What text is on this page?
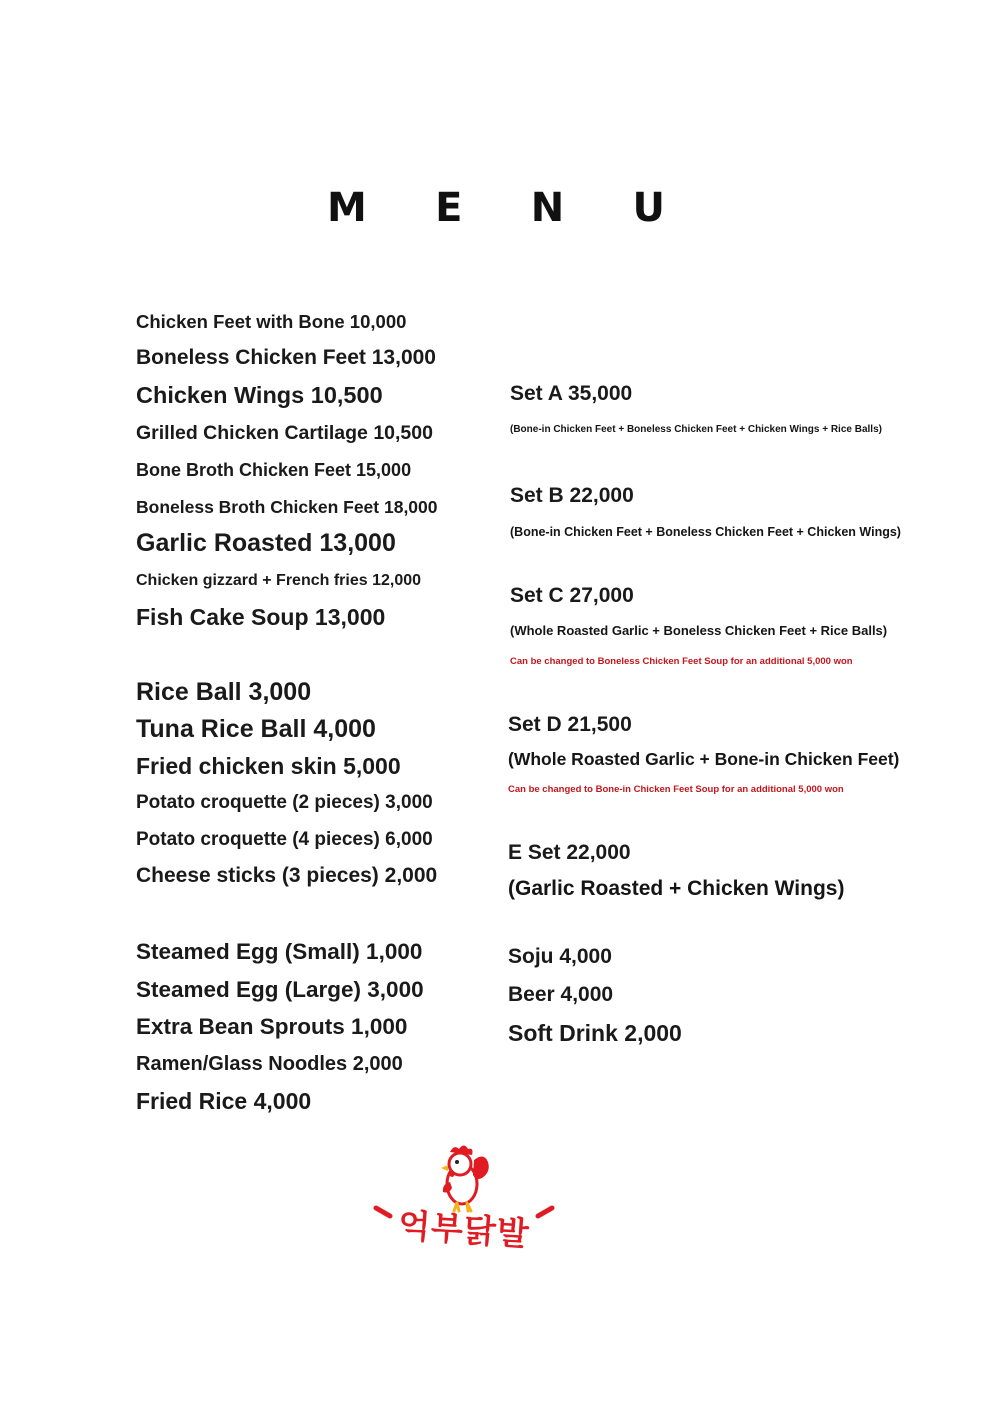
M E N U
Chicken Feet with Bone 10,000
Boneless Chicken Feet 13,000
Chicken Wings 10,500
Grilled Chicken Cartilage 10,500
Bone Broth Chicken Feet 15,000
Boneless Broth Chicken Feet 18,000
Garlic Roasted 13,000
Chicken gizzard + French fries 12,000
Fish Cake Soup 13,000
Rice Ball 3,000
Tuna Rice Ball 4,000
Fried chicken skin 5,000
Potato croquette (2 pieces) 3,000
Potato croquette (4 pieces) 6,000
Cheese sticks (3 pieces) 2,000
Steamed Egg (Small) 1,000
Steamed Egg (Large) 3,000
Extra Bean Sprouts 1,000
Ramen/Glass Noodles 2,000
Fried Rice 4,000
Set A 35,000
(Bone-in Chicken Feet + Boneless Chicken Feet + Chicken Wings + Rice Balls)
Set B 22,000
(Bone-in Chicken Feet + Boneless Chicken Feet + Chicken Wings)
Set C 27,000
(Whole Roasted Garlic + Boneless Chicken Feet + Rice Balls)
Can be changed to Boneless Chicken Feet Soup for an additional 5,000 won
Set D 21,500
(Whole Roasted Garlic + Bone-in Chicken Feet)
Can be changed to Bone-in Chicken Feet Soup for an additional 5,000 won
E Set 22,000
(Garlic Roasted + Chicken Wings)
Soju 4,000
Beer 4,000
Soft Drink 2,000
억부닭발
